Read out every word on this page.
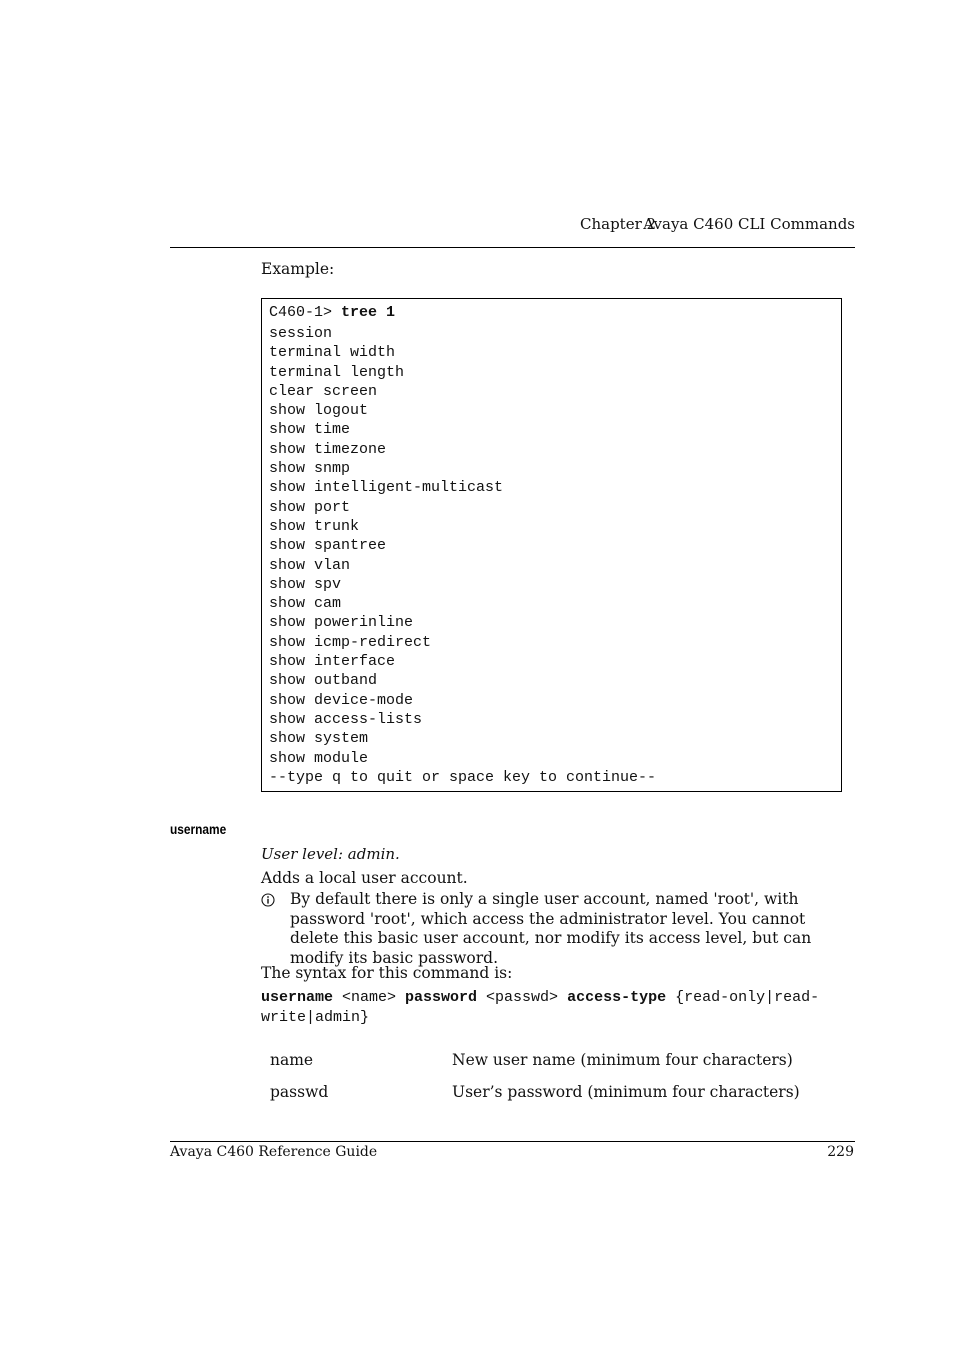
Chapter 2
Avaya C460 CLI Commands
Example:
C460-1> tree 1
session
terminal width
terminal length
clear screen
show logout
show time
show timezone
show snmp
show intelligent-multicast
show port
show trunk
show spantree
show vlan
show spv
show cam
show powerinline
show icmp-redirect
show interface
show outband
show device-mode
show access-lists
show system
show module
--type q to quit or space key to continue--
username
User level: admin.
Adds a local user account.
By default there is only a single user account, named 'root', with password 'root', which access the administrator level. You cannot delete this basic user account, nor modify its access level, but can modify its basic password.
The syntax for this command is:
username <name> password <passwd> access-type {read-only|read-write|admin}
name	New user name (minimum four characters)
passwd	User’s password (minimum four characters)
Avaya C460 Reference Guide	229
